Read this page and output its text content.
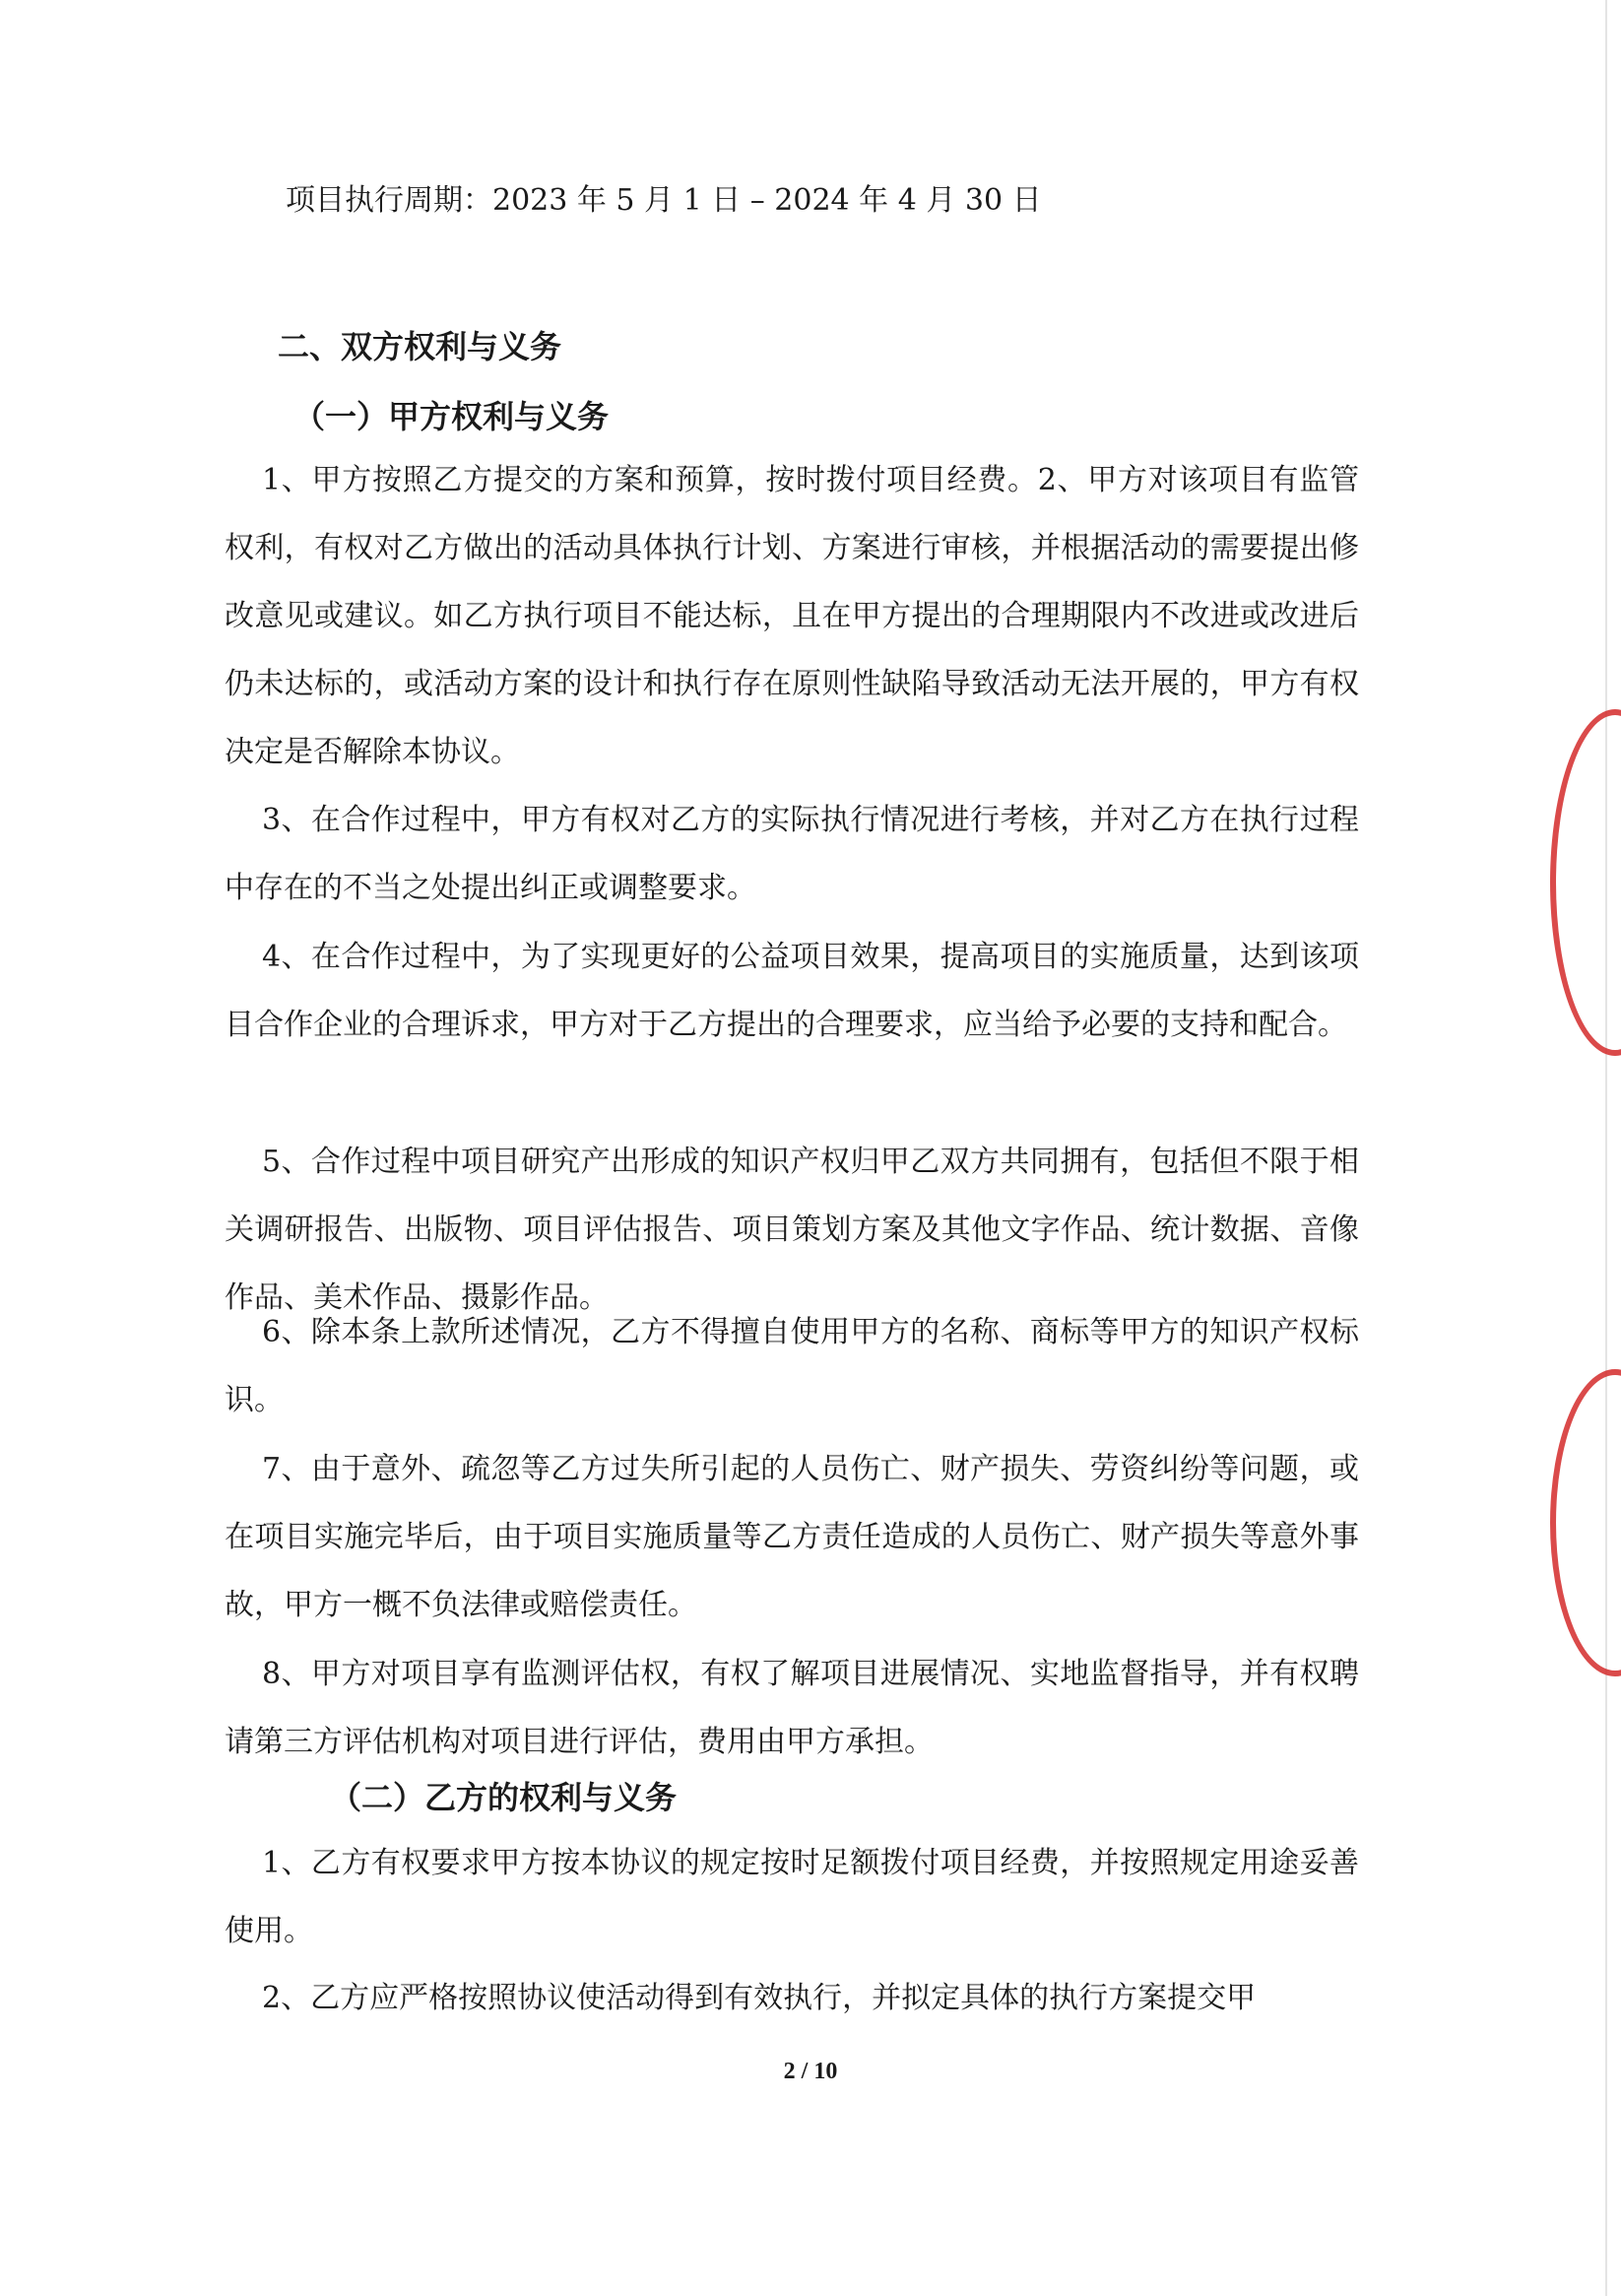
项目执行周期：2023 年 5 月 1 日 – 2024 年 4 月 30 日
二、双方权利与义务
（一）甲方权利与义务
1、甲方按照乙方提交的方案和预算，按时拨付项目经费。2、甲方对该项目有监管权利，有权对乙方做出的活动具体执行计划、方案进行审核，并根据活动的需要提出修改意见或建议。如乙方执行项目不能达标，且在甲方提出的合理期限内不改进或改进后仍未达标的，或活动方案的设计和执行存在原则性缺陷导致活动无法开展的，甲方有权决定是否解除本协议。
3、在合作过程中，甲方有权对乙方的实际执行情况进行考核，并对乙方在执行过程中存在的不当之处提出纠正或调整要求。
4、在合作过程中，为了实现更好的公益项目效果，提高项目的实施质量，达到该项目合作企业的合理诉求，甲方对于乙方提出的合理要求，应当给予必要的支持和配合。
5、合作过程中项目研究产出形成的知识产权归甲乙双方共同拥有，包括但不限于相关调研报告、出版物、项目评估报告、项目策划方案及其他文字作品、统计数据、音像作品、美术作品、摄影作品。
6、除本条上款所述情况，乙方不得擅自使用甲方的名称、商标等甲方的知识产权标识。
7、由于意外、疏忽等乙方过失所引起的人员伤亡、财产损失、劳资纠纷等问题，或在项目实施完毕后，由于项目实施质量等乙方责任造成的人员伤亡、财产损失等意外事故，甲方一概不负法律或赔偿责任。
8、甲方对项目享有监测评估权，有权了解项目进展情况、实地监督指导，并有权聘请第三方评估机构对项目进行评估，费用由甲方承担。
（二）乙方的权利与义务
1、乙方有权要求甲方按本协议的规定按时足额拨付项目经费，并按照规定用途妥善使用。
2、乙方应严格按照协议使活动得到有效执行，并拟定具体的执行方案提交甲
2 / 10
